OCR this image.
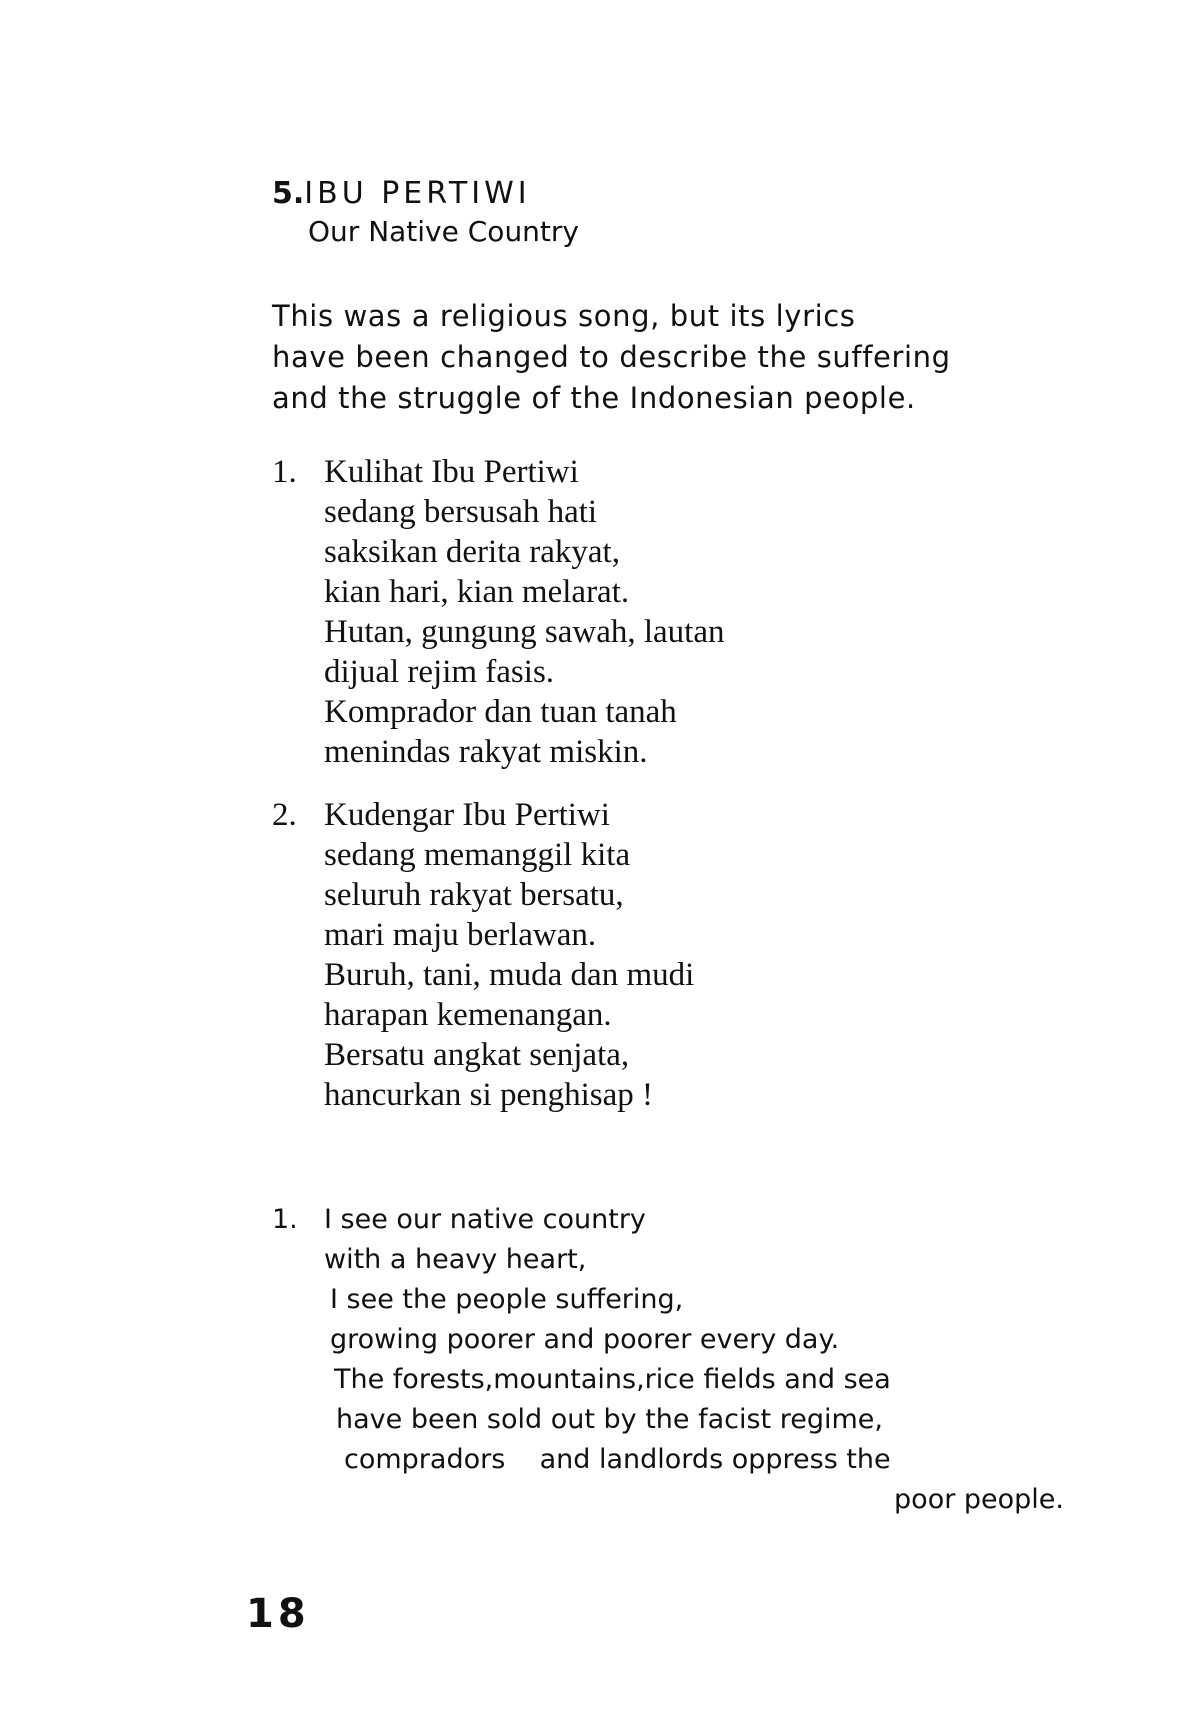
5.IBU PERTIWI
Our Native Country
This was a religious song, but its lyrics
have been changed to describe the suffering
and the struggle of the Indonesian people.
1. Kulihat Ibu Pertiwi
sedang bersusah hati
saksikan derita rakyat,
kian hari, kian melarat.
Hutan, gungung sawah, lautan
dijual rejim fasis.
Komprador dan tuan tanah
menindas rakyat miskin.
2. Kudengar Ibu Pertiwi
sedang memanggil kita
seluruh rakyat bersatu,
mari maju berlawan.
Buruh, tani, muda dan mudi
harapan kemenangan.
Bersatu angkat senjata,
hancurkan si penghisap !
1. I see our native country
with a heavy heart,
I see the people suffering,
growing poorer and poorer every day.
The forests,mountains,rice fields and sea
have been sold out by the facist regime,
compradors    and landlords oppress the
poor people.
18
